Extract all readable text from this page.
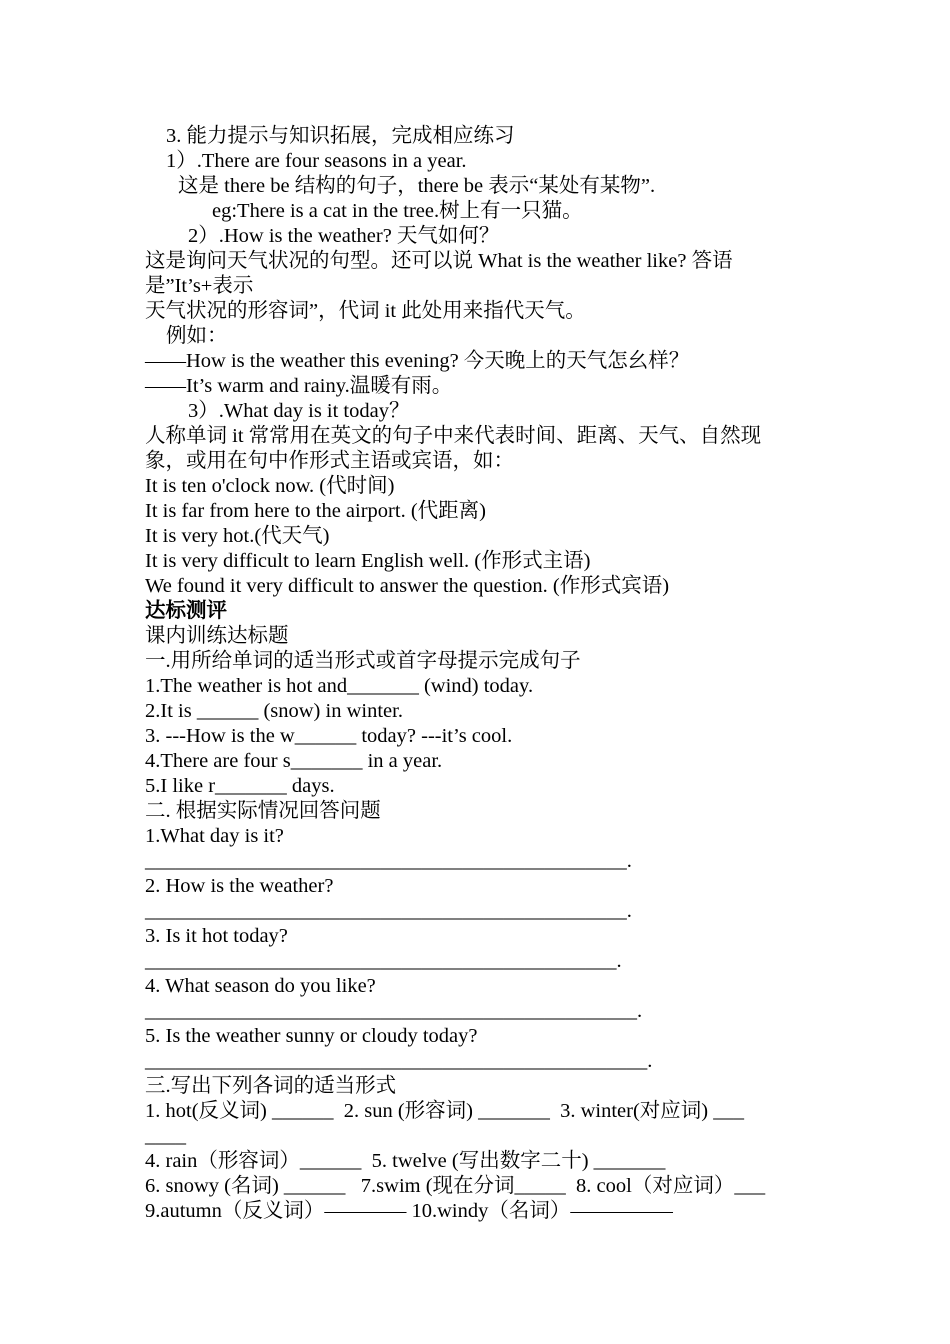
3. 能力提示与知识拓展，完成相应练习
1）.There are four seasons in a year.
这是 there be 结构的句子，there be 表示“某处有某物”.
eg:There is a cat in the tree.树上有一只猫。
2）.How is the weather? 天气如何？
这是询问天气状况的句型。还可以说 What is the weather like? 答语
是”It’s+表示
天气状况的形容词”，代词 it 此处用来指代天气。
例如：
——How is the weather this evening? 今天晚上的天气怎幺样？
——It’s warm and rainy.温暖有雨。
3）.What day is it today？
人称单词 it 常常用在英文的句子中来代表时间、距离、天气、自然现
象，或用在句中作形式主语或宾语，如：
It is ten o'clock now. (代时间)
It is far from here to the airport. (代距离)
It is very hot.(代天气)
It is very difficult to learn English well. (作形式主语)
We found it very difficult to answer the question. (作形式宾语)
达标测评
课内训练达标题
一.用所给单词的适当形式或首字母提示完成句子
1.The weather is hot and_______ (wind) today.
2.It is ______ (snow) in winter.
3. ---How is the w______ today? ---it’s cool.
4.There are four s_______ in a year.
5.I like r_______ days.
二. 根据实际情况回答问题
1.What day is it?
_______________________________________________.
2. How is the weather?
_______________________________________________.
3. Is it hot today?
______________________________________________.
4. What season do you like?
________________________________________________.
5. Is the weather sunny or cloudy today?
_________________________________________________.
三.写出下列各词的适当形式
1. hot(反义词) ______  2. sun (形容词) _______  3. winter(对应词) ___
____
4. rain（形容词）______  5. twelve (写出数字二十) _______
6. snowy (名词) ______   7.swim (现在分词_____  8. cool（对应词）___
9.autumn（反义词）———— 10.windy（名词）—————
